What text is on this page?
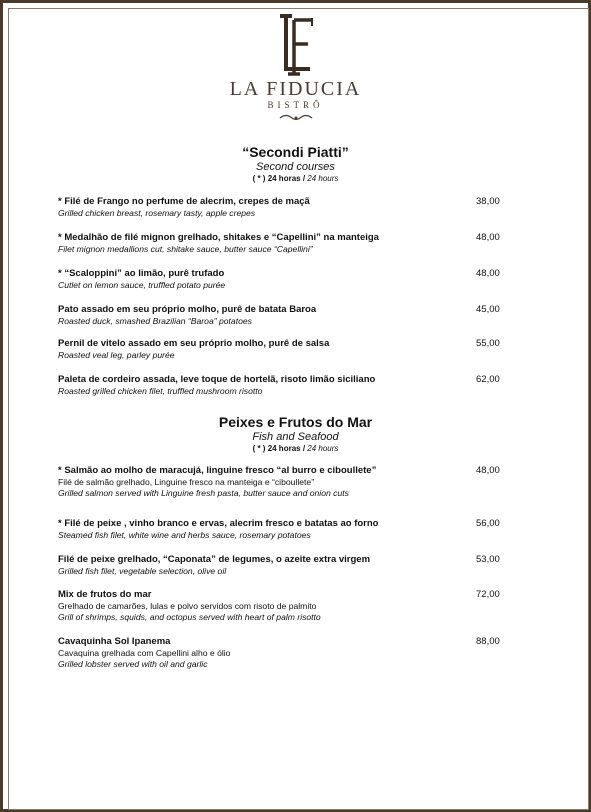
LA FIDUCIA
BISTRÔ
“Secondi Piatti”
Second courses
( * ) 24 horas / 24 hours
* Filé de Frango no perfume de alecrim, crepes de maçã
Grilled chicken breast, rosemary tasty, apple crepes
38,00
* Medalhão de filé mignon grelhado, shitakes e “Capellini” na manteiga
Filet mignon medallions cut, shitake sauce, butter sauce “Capellini”
48,00
* “Scaloppini” ao limão, purê trufado
Cutlet on lemon sauce, truffled potato purée
48,00
Pato assado em seu próprio molho, purê de batata Baroa
Roasted duck, smashed Brazilian “Baroa” potatoes
45,00
Pernil de vitelo assado em seu próprio molho, purê de salsa
Roasted veal leg, parley purée
55,00
Paleta de cordeiro assada, leve toque de hortelã, risoto limão siciliano
Roasted grilled chicken filet, truffled mushroom risotto
62,00
Peixes e Frutos do Mar
Fish and Seafood
( * ) 24 horas / 24 hours
* Salmão ao molho de maracujá, linguine fresco “al burro e ciboullete”
Filé de salmão grelhado, Linguine fresco na manteiga e “ciboullete”
Grilled salmon served with Linguine fresh pasta, butter sauce and onion cuts
48,00
* Filé de peixe , vinho branco e ervas, alecrim fresco e batatas ao forno
Steamed fish filet, white wine and herbs sauce, rosemary potatoes
56,00
Filé de peixe grelhado, “Caponata” de legumes, o azeite extra virgem
Grilled fish filet, vegetable selection, olive oil
53,00
Mix de frutos do mar
Grelhado de camarões, lulas e polvo servidos com risoto de palmito
Grill of shrimps, squids, and octopus served with heart of palm risotto
72,00
Cavaquinha Sol Ipanema
Cavaquina grelhada com Capellini alho e ólio
Grilled lobster served with oil and garlic
88,00
